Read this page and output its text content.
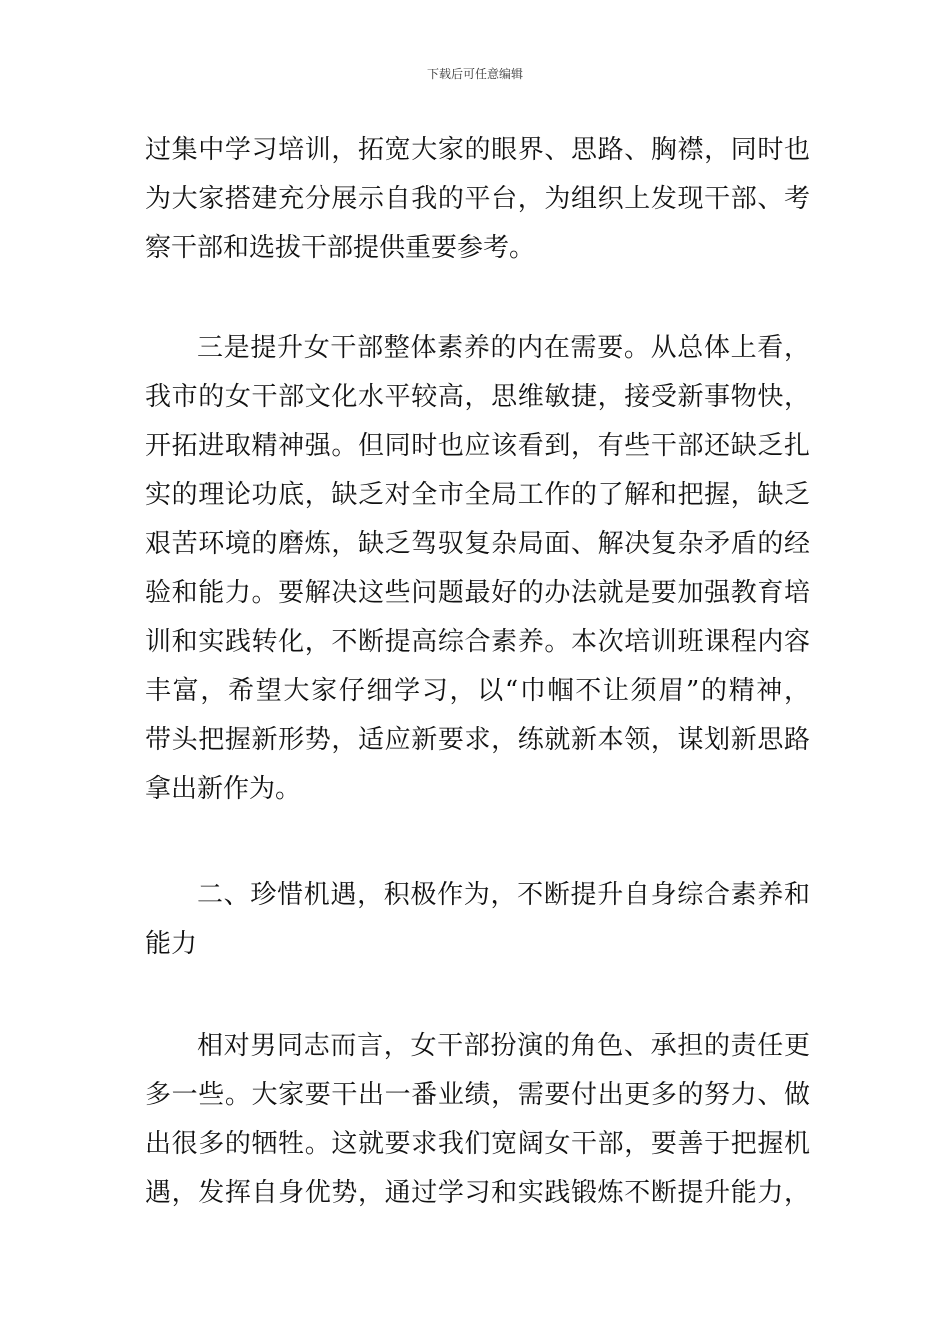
下载后可任意编辑
过集中学习培训，拓宽大家的眼界、思路、胸襟，同时也
为大家搭建充分展示自我的平台，为组织上发现干部、考
察干部和选拔干部提供重要参考。
三是提升女干部整体素养的内在需要。从总体上看，
我市的女干部文化水平较高，思维敏捷，接受新事物快，
开拓进取精神强。但同时也应该看到，有些干部还缺乏扎
实的理论功底，缺乏对全市全局工作的了解和把握，缺乏
艰苦环境的磨炼，缺乏驾驭复杂局面、解决复杂矛盾的经
验和能力。要解决这些问题最好的办法就是要加强教育培
训和实践转化，不断提高综合素养。本次培训班课程内容
丰富，希望大家仔细学习，以“巾帼不让须眉”的精神，
带头把握新形势，适应新要求，练就新本领，谋划新思路
拿出新作为。
二、珍惜机遇，积极作为，不断提升自身综合素养和
能力
相对男同志而言，女干部扮演的角色、承担的责任更
多一些。大家要干出一番业绩，需要付出更多的努力、做
出很多的牺牲。这就要求我们宽阔女干部，要善于把握机
遇，发挥自身优势，通过学习和实践锻炼不断提升能力，
